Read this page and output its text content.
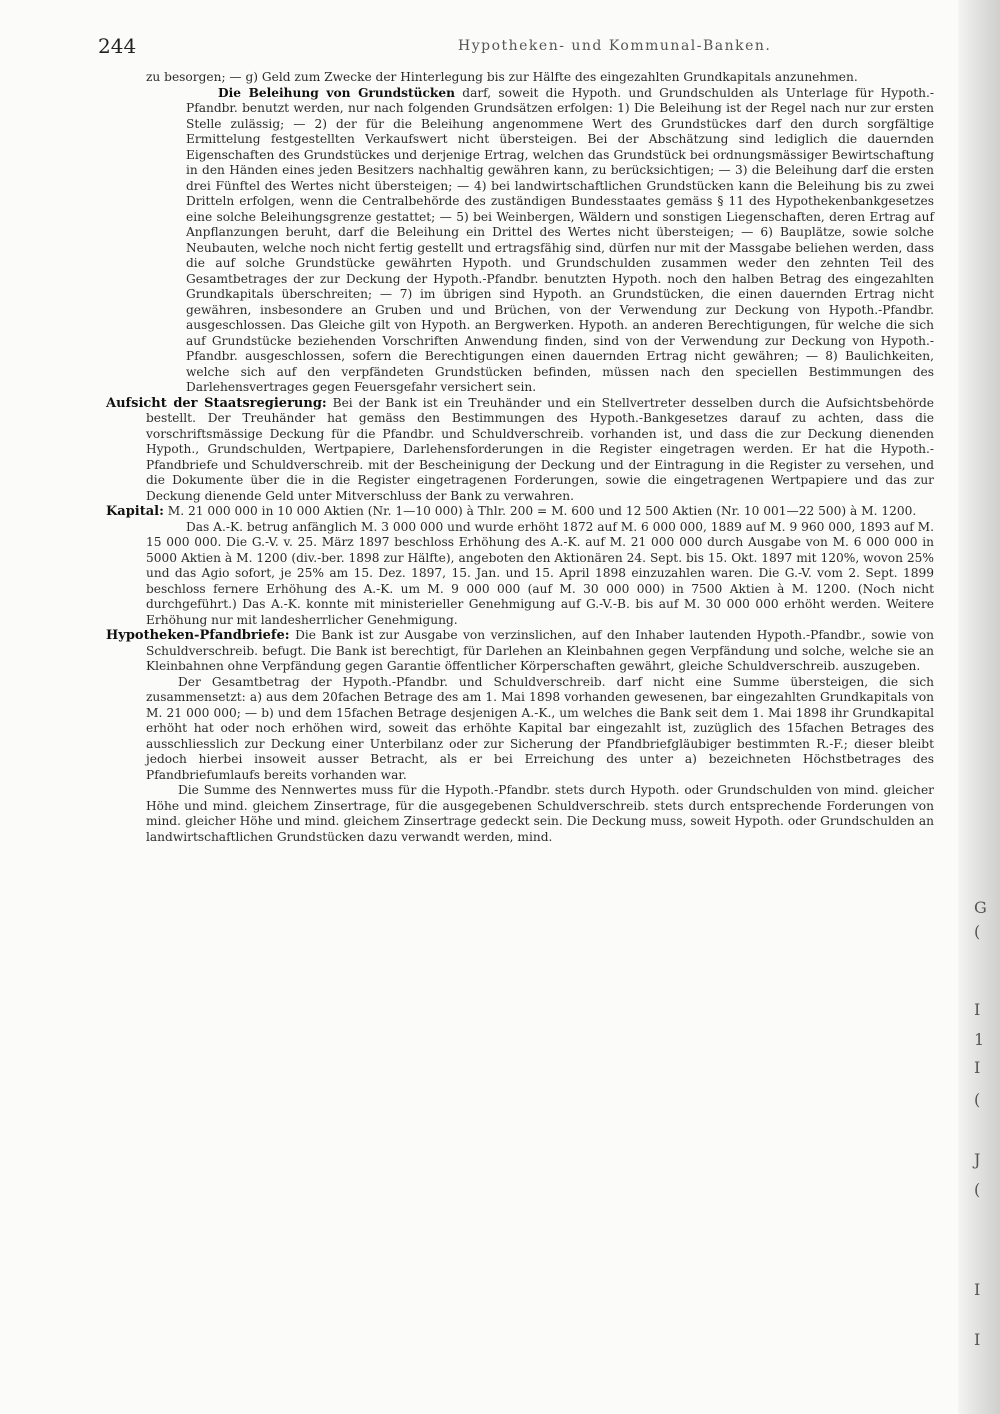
G
(
I
1
I
(
J
(
I
I
244	Hypotheken- und Kommunal-Banken.

zu besorgen; — g) Geld zum Zwecke der Hinterlegung bis zur Hälfte des eingezahlten Grundkapitals anzunehmen.

Die Beleihung von Grundstücken darf, soweit die Hypoth. und Grundschulden als Unterlage für Hypoth.-Pfandbr. benutzt werden, nur nach folgenden Grundsätzen erfolgen: 1) Die Beleihung ist der Regel nach nur zur ersten Stelle zulässig; — 2) der für die Beleihung angenommene Wert des Grundstückes darf den durch sorgfältige Ermittelung festgestellten Verkaufswert nicht übersteigen. Bei der Abschätzung sind lediglich die dauernden Eigenschaften des Grundstückes und derjenige Ertrag, welchen das Grundstück bei ordnungsmässiger Bewirtschaftung in den Händen eines jeden Besitzers nachhaltig gewähren kann, zu berücksichtigen; — 3) die Beleihung darf die ersten drei Fünftel des Wertes nicht übersteigen; — 4) bei landwirtschaftlichen Grundstücken kann die Beleihung bis zu zwei Dritteln erfolgen, wenn die Centralbehörde des zuständigen Bundesstaates gemäss § 11 des Hypothekenbankgesetzes eine solche Beleihungsgrenze gestattet; — 5) bei Weinbergen, Wäldern und sonstigen Liegenschaften, deren Ertrag auf Anpflanzungen beruht, darf die Beleihung ein Drittel des Wertes nicht übersteigen; — 6) Bauplätze, sowie solche Neubauten, welche noch nicht fertig gestellt und ertragsfähig sind, dürfen nur mit der Massgabe beliehen werden, dass die auf solche Grundstücke gewährten Hypoth. und Grundschulden zusammen weder den zehnten Teil des Gesamtbetrages der zur Deckung der Hypoth.-Pfandbr. benutzten Hypoth. noch den halben Betrag des eingezahlten Grundkapitals überschreiten; — 7) im übrigen sind Hypoth. an Grundstücken, die einen dauernden Ertrag nicht gewähren, insbesondere an Gruben und und Brüchen, von der Verwendung zur Deckung von Hypoth.-Pfandbr. ausgeschlossen. Das Gleiche gilt von Hypoth. an Bergwerken. Hypoth. an anderen Berechtigungen, für welche die sich auf Grundstücke beziehenden Vorschriften Anwendung finden, sind von der Verwendung zur Deckung von Hypoth.-Pfandbr. ausgeschlossen, sofern die Berechtigungen einen dauernden Ertrag nicht gewähren; — 8) Baulichkeiten, welche sich auf den verpfändeten Grundstücken befinden, müssen nach den speciellen Bestimmungen des Darlehensvertrages gegen Feuersgefahr versichert sein.

Aufsicht der Staatsregierung: Bei der Bank ist ein Treuhänder und ein Stellvertreter desselben durch die Aufsichtsbehörde bestellt. Der Treuhänder hat gemäss den Bestimmungen des Hypoth.-Bankgesetzes darauf zu achten, dass die vorschriftsmässige Deckung für die Pfandbr. und Schuldverschreib. vorhanden ist, und dass die zur Deckung dienenden Hypoth., Grundschulden, Wertpapiere, Darlehensforderungen in die Register eingetragen werden. Er hat die Hypoth.-Pfandbriefe und Schuldverschreib. mit der Bescheinigung der Deckung und der Eintragung in die Register zu versehen, und die Dokumente über die in die Register eingetragenen Forderungen, sowie die eingetragenen Wertpapiere und das zur Deckung dienende Geld unter Mitverschluss der Bank zu verwahren.

Kapital: M. 21 000 000 in 10 000 Aktien (Nr. 1—10 000) à Thlr. 200 = M. 600 und 12 500 Aktien (Nr. 10 001—22 500) à M. 1200.

Das A.-K. betrug anfänglich M. 3 000 000 und wurde erhöht 1872 auf M. 6 000 000, 1889 auf M. 9 960 000, 1893 auf M. 15 000 000. Die G.-V. v. 25. März 1897 beschloss Erhöhung des A.-K. auf M. 21 000 000 durch Ausgabe von M. 6 000 000 in 5000 Aktien à M. 1200 (div.-ber. 1898 zur Hälfte), angeboten den Aktionären 24. Sept. bis 15. Okt. 1897 mit 120%, wovon 25% und das Agio sofort, je 25% am 15. Dez. 1897, 15. Jan. und 15. April 1898 einzuzahlen waren. Die G.-V. vom 2. Sept. 1899 beschloss fernere Erhöhung des A.-K. um M. 9 000 000 (auf M. 30 000 000) in 7500 Aktien à M. 1200. (Noch nicht durchgeführt.) Das A.-K. konnte mit ministerieller Genehmigung auf G.-V.-B. bis auf M. 30 000 000 erhöht werden. Weitere Erhöhung nur mit landesherrlicher Genehmigung.

Hypotheken-Pfandbriefe: Die Bank ist zur Ausgabe von verzinslichen, auf den Inhaber lautenden Hypoth.-Pfandbr., sowie von Schuldverschreib. befugt. Die Bank ist berechtigt, für Darlehen an Kleinbahnen gegen Verpfändung und solche, welche sie an Kleinbahnen ohne Verpfändung gegen Garantie öffentlicher Körperschaften gewährt, gleiche Schuldverschreib. auszugeben.

Der Gesamtbetrag der Hypoth.-Pfandbr. und Schuldverschreib. darf nicht eine Summe übersteigen, die sich zusammensetzt: a) aus dem 20fachen Betrage des am 1. Mai 1898 vorhanden gewesenen, bar eingezahlten Grundkapitals von M. 21 000 000; — b) und dem 15fachen Betrage desjenigen A.-K., um welches die Bank seit dem 1. Mai 1898 ihr Grundkapital erhöht hat oder noch erhöhen wird, soweit das erhöhte Kapital bar eingezahlt ist, zuzüglich des 15fachen Betrages des ausschliesslich zur Deckung einer Unterbilanz oder zur Sicherung der Pfandbriefgläubiger bestimmten R.-F.; dieser bleibt jedoch hierbei insoweit ausser Betracht, als er bei Erreichung des unter a) bezeichneten Höchstbetrages des Pfandbriefumlaufs bereits vorhanden war.

Die Summe des Nennwertes muss für die Hypoth.-Pfandbr. stets durch Hypoth. oder Grundschulden von mind. gleicher Höhe und mind. gleichem Zinsertrage, für die ausgegebenen Schuldverschreib. stets durch entsprechende Forderungen von mind. gleicher Höhe und mind. gleichem Zinsertrage gedeckt sein. Die Deckung muss, soweit Hypoth. oder Grundschulden an landwirtschaftlichen Grundstücken dazu verwandt werden, mind.
